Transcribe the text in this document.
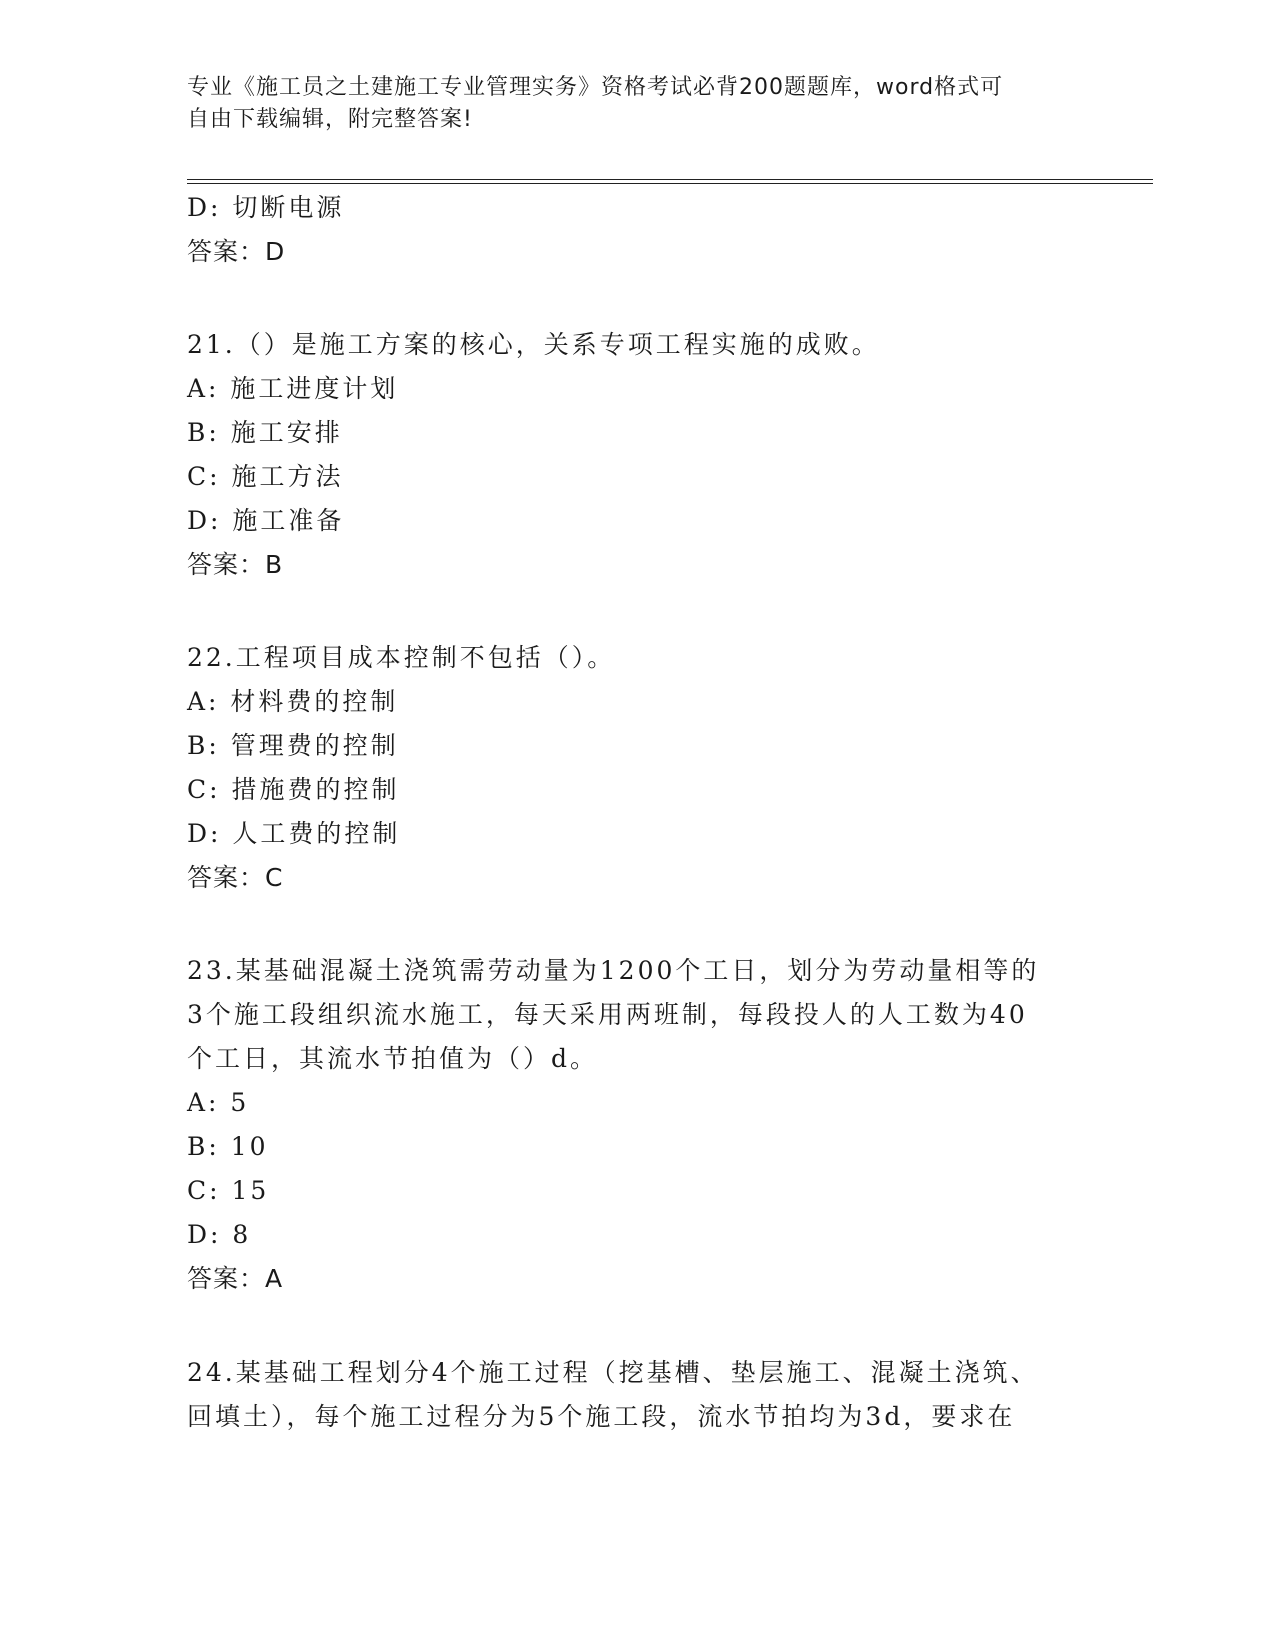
专业《施工员之土建施工专业管理实务》资格考试必背200题题库，word格式可
自由下载编辑，附完整答案!
D: 切断电源
答案：D
21.（）是施工方案的核心，关系专项工程实施的成败。
A: 施工进度计划
B: 施工安排
C: 施工方法
D: 施工准备
答案：B
22.工程项目成本控制不包括（）。
A: 材料费的控制
B: 管理费的控制
C: 措施费的控制
D: 人工费的控制
答案：C
23.某基础混凝土浇筑需劳动量为1200个工日，划分为劳动量相等的
3个施工段组织流水施工，每天采用两班制，每段投人的人工数为40
个工日，其流水节拍值为（）d。
A: 5
B: 10
C: 15
D: 8
答案：A
24.某基础工程划分4个施工过程（挖基槽、垫层施工、混凝土浇筑、
回填土），每个施工过程分为5个施工段，流水节拍均为3d，要求在
